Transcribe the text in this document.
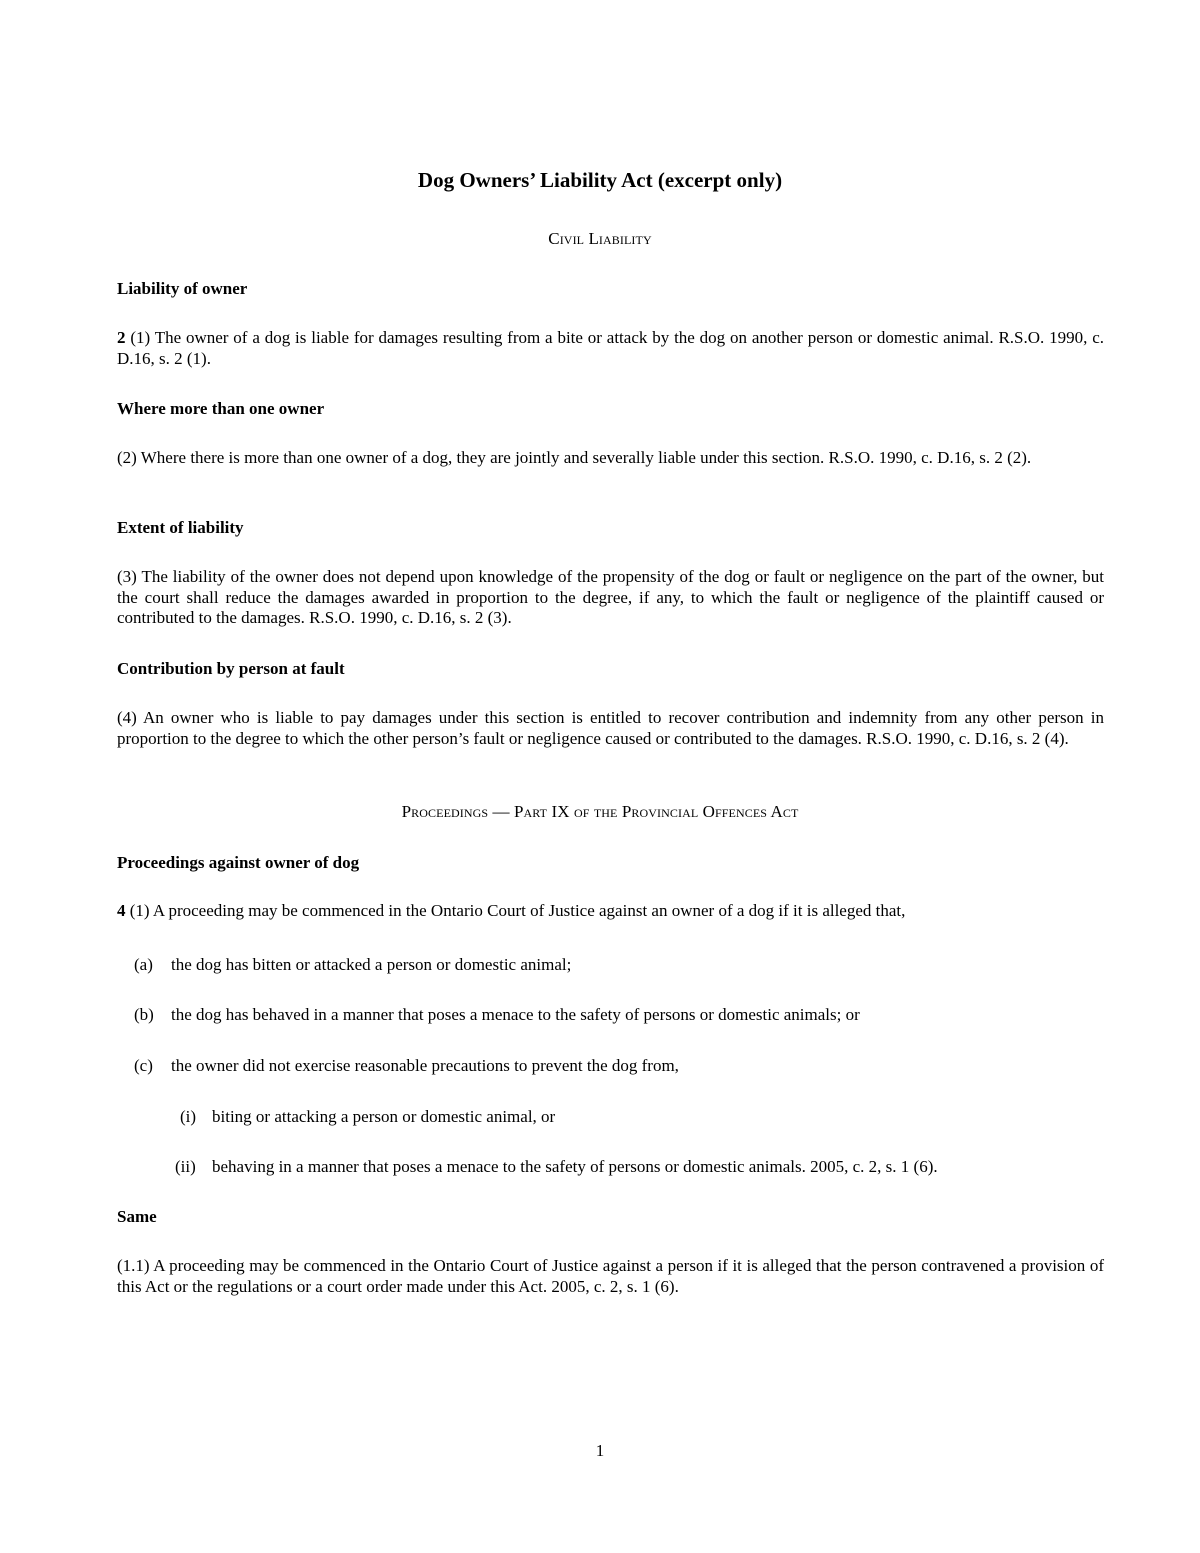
Dog Owners’ Liability Act (excerpt only)
Civil Liability
Liability of owner
2 (1) The owner of a dog is liable for damages resulting from a bite or attack by the dog on another person or domestic animal. R.S.O. 1990, c. D.16, s. 2 (1).
Where more than one owner
(2) Where there is more than one owner of a dog, they are jointly and severally liable under this section. R.S.O. 1990, c. D.16, s. 2 (2).
Extent of liability
(3) The liability of the owner does not depend upon knowledge of the propensity of the dog or fault or negligence on the part of the owner, but the court shall reduce the damages awarded in proportion to the degree, if any, to which the fault or negligence of the plaintiff caused or contributed to the damages. R.S.O. 1990, c. D.16, s. 2 (3).
Contribution by person at fault
(4) An owner who is liable to pay damages under this section is entitled to recover contribution and indemnity from any other person in proportion to the degree to which the other person’s fault or negligence caused or contributed to the damages. R.S.O. 1990, c. D.16, s. 2 (4).
Proceedings — Part IX of the Provincial Offences Act
Proceedings against owner of dog
4 (1) A proceeding may be commenced in the Ontario Court of Justice against an owner of a dog if it is alleged that,
(a) the dog has bitten or attacked a person or domestic animal;
(b) the dog has behaved in a manner that poses a menace to the safety of persons or domestic animals; or
(c) the owner did not exercise reasonable precautions to prevent the dog from,
(i) biting or attacking a person or domestic animal, or
(ii) behaving in a manner that poses a menace to the safety of persons or domestic animals. 2005, c. 2, s. 1 (6).
Same
(1.1) A proceeding may be commenced in the Ontario Court of Justice against a person if it is alleged that the person contravened a provision of this Act or the regulations or a court order made under this Act. 2005, c. 2, s. 1 (6).
1
